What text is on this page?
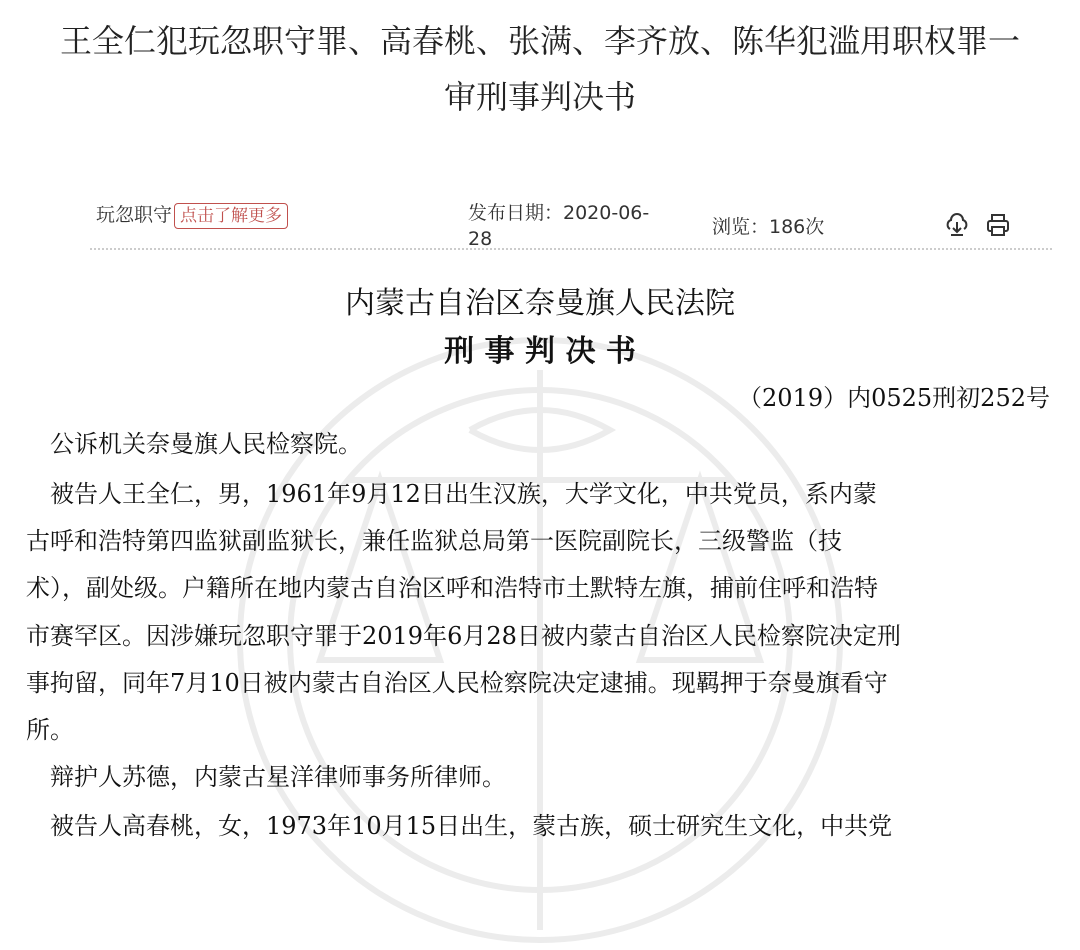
王全仁犯玩忽职守罪、高春桃、张满、李齐放、陈华犯滥用职权罪一
审刑事判决书
玩忽职守 点击了解更多	发布日期：2020-06-
28
浏览：186次
内蒙古自治区奈曼旗人民法院
刑 事 判 决 书
（2019）内0525刑初252号
　公诉机关奈曼旗人民检察院。
　被告人王全仁，男，1961年9月12日出生汉族，大学文化，中共党员，系内蒙
古呼和浩特第四监狱副监狱长，兼任监狱总局第一医院副院长，三级警监（技
术），副处级。户籍所在地内蒙古自治区呼和浩特市土默特左旗，捕前住呼和浩特
市赛罕区。因涉嫌玩忽职守罪于2019年6月28日被内蒙古自治区人民检察院决定刑
事拘留，同年7月10日被内蒙古自治区人民检察院决定逮捕。现羁押于奈曼旗看守
所。
　辩护人苏德，内蒙古星洋律师事务所律师。
　被告人高春桃，女，1973年10月15日出生，蒙古族，硕士研究生文化，中共党
